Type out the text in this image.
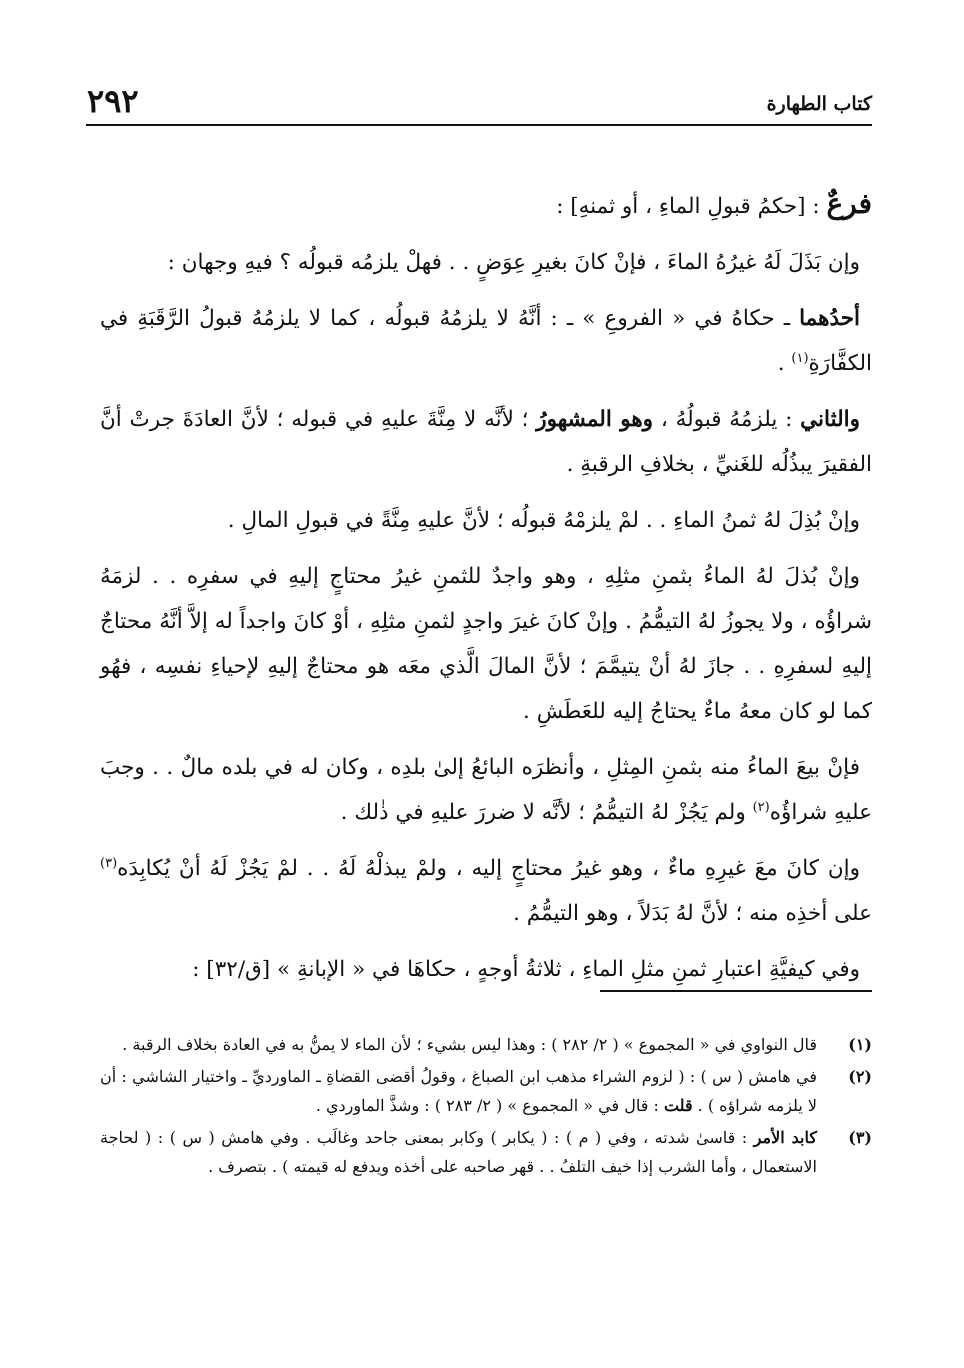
كتاب الطهارة
٢٩٢

فرعٌ : [حكمُ قبولِ الماءِ ، أو ثمنهِ] :

وإن بَذَلَ لَهُ غيرُهُ الماءَ ، فإنْ كانَ بغيرِ عِوَضٍ . . فهلْ يلزمُه قبولُه ؟ فيهِ وجهان :

أحدُهما ـ حكاهُ في « الفروعِ » ـ : أنَّهُ لا يلزمُهُ قبولُه ، كما لا يلزمُهُ قبولُ الرَّقَبَةِ في الكفَّارَةِ$^{(١)}$ .

والثاني : يلزمُهُ قبولُهُ ، وهو المشهورُ ؛ لأنَّه لا مِنَّةَ عليهِ في قبوله ؛ لأنَّ العادَةَ جرتْ أنَّ الفقيرَ يبذُلُه للغَنيِّ ، بخلافِ الرقبةِ .

وإنْ بُذِلَ لهُ ثمنُ الماءِ . . لمْ يلزمْهُ قبولُه ؛ لأنَّ عليهِ مِنَّةً في قبولِ المالِ .

وإنْ بُذلَ لهُ الماءُ بثمنِ مثلِهِ ، وهو واجدٌ للثمنِ غيرُ محتاجٍ إليهِ في سفرِه . . لزمَهُ شراؤُه ، ولا يجوزُ لهُ التيمُّمُ . وإنْ كانَ غيرَ واجدٍ لثمنِ مثلِهِ ، أوْ كانَ واجداً له إلاَّ أنَّهُ محتاجٌ إليهِ لسفرِهِ . . جازَ لهُ أنْ يتيمَّمَ ؛ لأنَّ المالَ الَّذي معَه هو محتاجٌ إليهِ لإحياءِ نفسِه ، فهُو كما لو كان معهُ ماءٌ يحتاجُ إليه للعَطَشِ .

فإنْ بيعَ الماءُ منه بثمنِ المِثلِ ، وأنظرَه البائعُ إلىٰ بلدِه ، وكان له في بلده مالٌ . . وجبَ عليهِ شراؤُه$^{(٢)}$ ولم يَجُزْ لهُ التيمُّمُ ؛ لأنَّه لا ضررَ عليهِ في ذٰلك .

وإن كانَ معَ غيرِهِ ماءٌ ، وهو غيرُ محتاجٍ إليه ، ولمْ يبذلْهُ لَهُ . . لمْ يَجُزْ لَهُ أنْ يُكابِدَه$^{(٣)}$ على أخذِه منه ؛ لأنَّ لهُ بَدَلاً ، وهو التيمُّمُ .

وفي كيفيَّةِ اعتبارِ ثمنِ مثلِ الماءِ ، ثلاثةُ أوجهٍ ، حكاهَا في « الإبانةِ » [ق/٣٢] :

(١)
قال النواوي في « المجموع » ( ٢/ ٢٨٢ ) : وهذا ليس بشيء ؛ لأن الماء لا يمنُّ به في العادة بخلاف الرقبة .
(٢)
في هامش ( س ) : ( لزوم الشراء مذهب ابن الصباغ ، وقولُ أقضى القضاةِ ـ الماورديِّ ـ واختيار الشاشي : أن لا يلزمه شراؤه ) . قلت : قال في « المجموع » ( ٢/ ٢٨٣ ) : وشذَّ الماوردي .
(٣)
كابد الأمر : قاسىٰ شدته ، وفي ( م ) : ( يكابر ) وكابر بمعنى جاحد وغالَب . وفي هامش ( س ) : ( لحاجة الاستعمال ، وأما الشرب إذا خيف التلفُ . . قهر صاحبه على أخذه ويدفع له قيمته ) . بتصرف .
